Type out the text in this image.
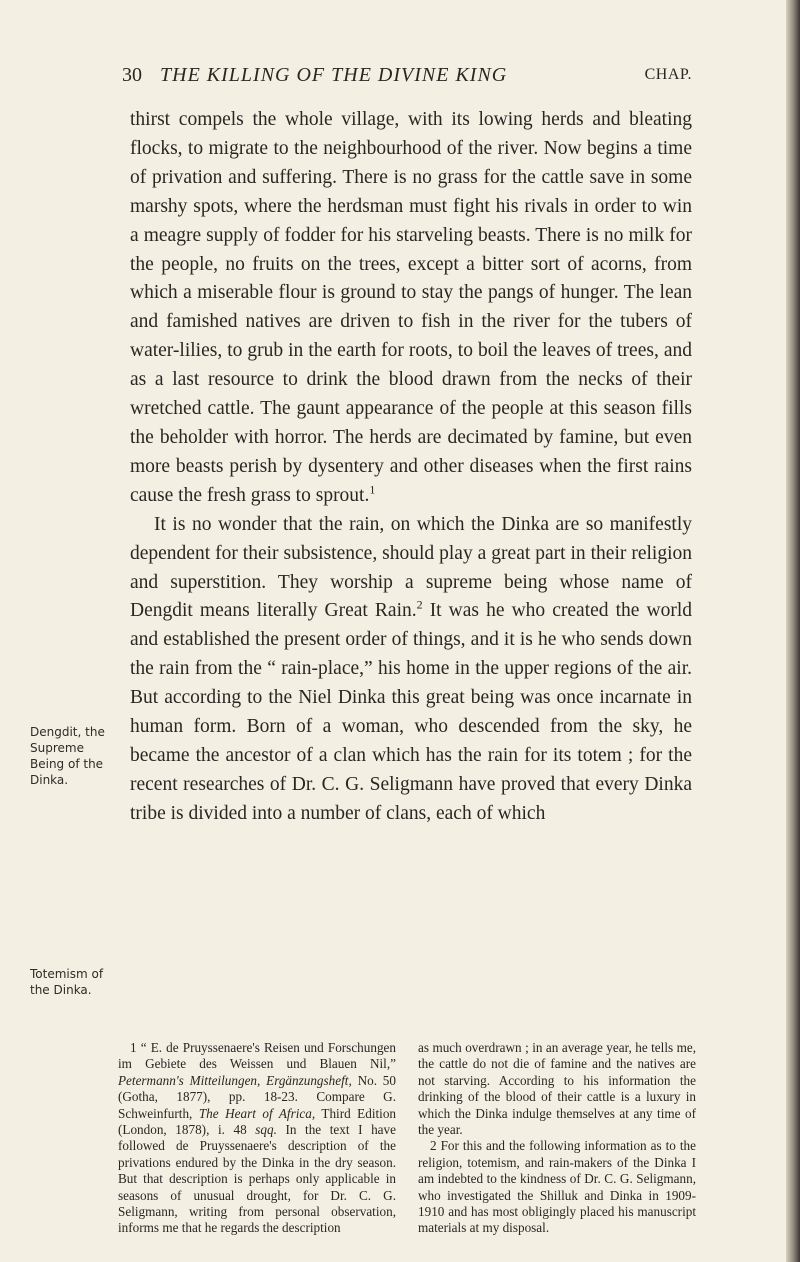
30 THE KILLING OF THE DIVINE KING	CHAP.
Dengdit, the Supreme Being of the Dinka.
Totemism of the Dinka.

thirst compels the whole village, with its lowing herds and bleating flocks, to migrate to the neighbourhood of the river. Now begins a time of privation and suffering. There is no grass for the cattle save in some marshy spots, where the herdsman must fight his rivals in order to win a meagre supply of fodder for his starveling beasts. There is no milk for the people, no fruits on the trees, except a bitter sort of acorns, from which a miserable flour is ground to stay the pangs of hunger. The lean and famished natives are driven to fish in the river for the tubers of water-lilies, to grub in the earth for roots, to boil the leaves of trees, and as a last resource to drink the blood drawn from the necks of their wretched cattle. The gaunt appearance of the people at this season fills the beholder with horror. The herds are decimated by famine, but even more beasts perish by dysentery and other diseases when the first rains cause the fresh grass to sprout.$^1$

It is no wonder that the rain, on which the Dinka are so manifestly dependent for their subsistence, should play a great part in their religion and superstition. They worship a supreme being whose name of Dengdit means literally Great Rain.$^2$ It was he who created the world and established the present order of things, and it is he who sends down the rain from the “ rain-place,” his home in the upper regions of the air. But according to the Niel Dinka this great being was once incarnate in human form. Born of a woman, who descended from the sky, he became the ancestor of a clan which has the rain for its totem ; for the recent researches of Dr. C. G. Seligmann have proved that every Dinka tribe is divided into a number of clans, each of which

1 “ E. de Pruyssenaere's Reisen und Forschungen im Gebiete des Weissen und Blauen Nil,” Petermann's Mitteilungen, Ergänzungsheft, No. 50 (Gotha, 1877), pp. 18-23. Compare G. Schweinfurth, The Heart of Africa, Third Edition (London, 1878), i. 48 sqq. In the text I have followed de Pruyssenaere's description of the privations endured by the Dinka in the dry season. But that description is perhaps only applicable in seasons of unusual drought, for Dr. C. G. Seligmann, writing from personal observation, informs me that he regards the description

as much overdrawn ; in an average year, he tells me, the cattle do not die of famine and the natives are not starving. According to his information the drinking of the blood of their cattle is a luxury in which the Dinka indulge themselves at any time of the year.

2 For this and the following information as to the religion, totemism, and rain-makers of the Dinka I am indebted to the kindness of Dr. C. G. Seligmann, who investigated the Shilluk and Dinka in 1909-1910 and has most obligingly placed his manuscript materials at my disposal.
